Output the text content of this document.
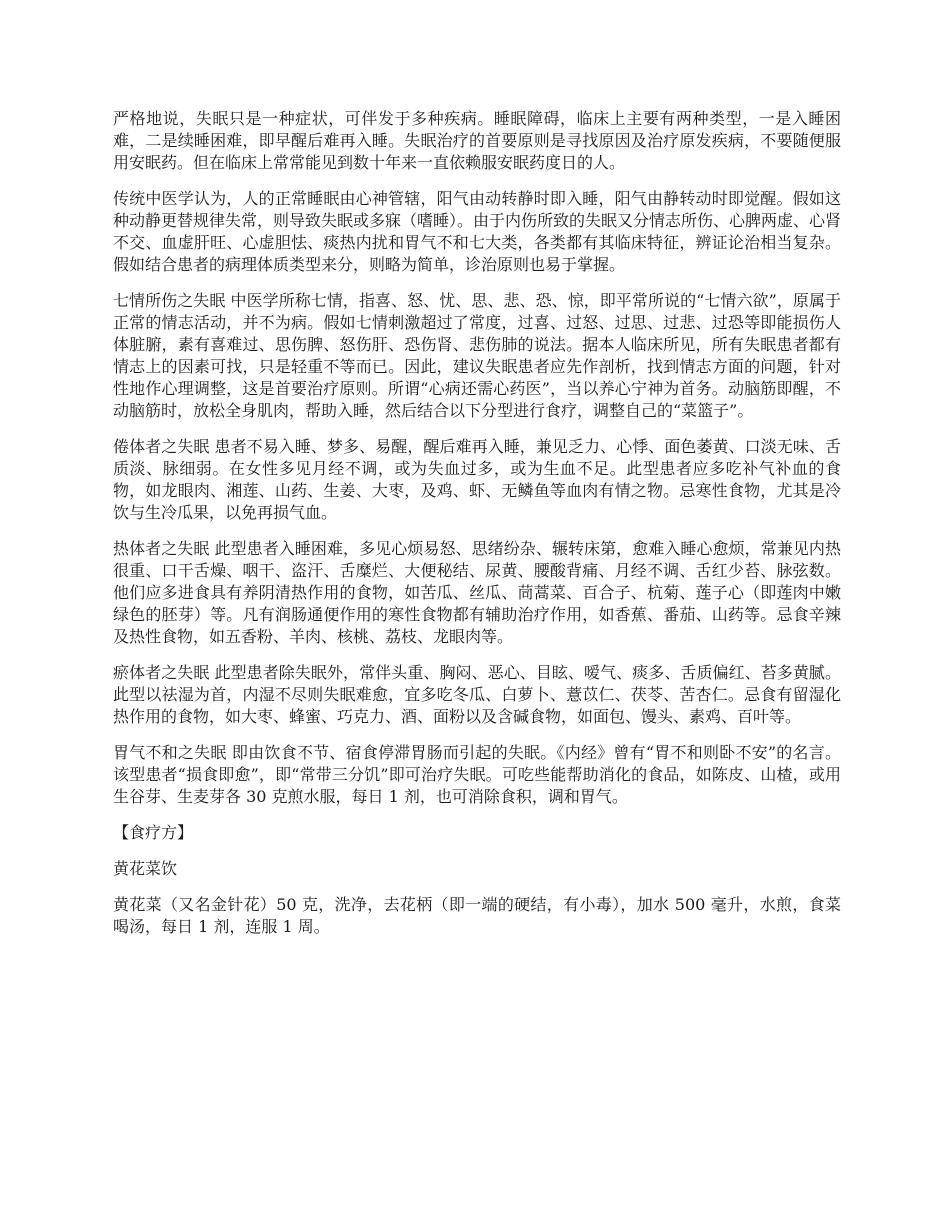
严格地说，失眠只是一种症状，可伴发于多种疾病。睡眠障碍，临床上主要有两种类型，一是入睡困难，二是续睡困难，即早醒后难再入睡。失眠治疗的首要原则是寻找原因及治疗原发疾病，不要随便服用安眠药。但在临床上常常能见到数十年来一直依赖服安眠药度日的人。

传统中医学认为，人的正常睡眠由心神管辖，阳气由动转静时即入睡，阳气由静转动时即觉醒。假如这种动静更替规律失常，则导致失眠或多寐（嗜睡）。由于内伤所致的失眠又分情志所伤、心脾两虚、心肾不交、血虚肝旺、心虚胆怯、痰热内扰和胃气不和七大类，各类都有其临床特征，辨证论治相当复杂。假如结合患者的病理体质类型来分，则略为简单，诊治原则也易于掌握。

七情所伤之失眠 中医学所称七情，指喜、怒、忧、思、悲、恐、惊，即平常所说的“七情六欲”，原属于正常的情志活动，并不为病。假如七情刺激超过了常度，过喜、过怒、过思、过悲、过恐等即能损伤人体脏腑，素有喜难过、思伤脾、怒伤肝、恐伤肾、悲伤肺的说法。据本人临床所见，所有失眠患者都有情志上的因素可找，只是轻重不等而已。因此，建议失眠患者应先作剖析，找到情志方面的问题，针对性地作心理调整，这是首要治疗原则。所谓“心病还需心药医”，当以养心宁神为首务。动脑筋即醒，不动脑筋时，放松全身肌肉，帮助入睡，然后结合以下分型进行食疗，调整自己的“菜篮子”。

倦体者之失眠 患者不易入睡、梦多、易醒，醒后难再入睡，兼见乏力、心悸、面色萎黄、口淡无味、舌质淡、脉细弱。在女性多见月经不调，或为失血过多，或为生血不足。此型患者应多吃补气补血的食物，如龙眼肉、湘莲、山药、生姜、大枣，及鸡、虾、无鳞鱼等血肉有情之物。忌寒性食物，尤其是冷饮与生冷瓜果，以免再损气血。

热体者之失眠 此型患者入睡困难，多见心烦易怒、思绪纷杂、辗转床第，愈难入睡心愈烦，常兼见内热很重、口干舌燥、咽干、盗汗、舌糜烂、大便秘结、尿黄、腰酸背痛、月经不调、舌红少苔、脉弦数。他们应多进食具有养阴清热作用的食物，如苦瓜、丝瓜、茼蒿菜、百合子、杭菊、莲子心（即莲肉中嫩绿色的胚芽）等。凡有润肠通便作用的寒性食物都有辅助治疗作用，如香蕉、番茄、山药等。忌食辛辣及热性食物，如五香粉、羊肉、核桃、荔枝、龙眼肉等。

瘀体者之失眠 此型患者除失眠外，常伴头重、胸闷、恶心、目眩、嗳气、痰多、舌质偏红、苔多黄腻。此型以祛湿为首，内湿不尽则失眠难愈，宜多吃冬瓜、白萝卜、薏苡仁、茯苓、苦杏仁。忌食有留湿化热作用的食物，如大枣、蜂蜜、巧克力、酒、面粉以及含碱食物，如面包、馒头、素鸡、百叶等。

胃气不和之失眠 即由饮食不节、宿食停滞胃肠而引起的失眠。《内经》曾有“胃不和则卧不安”的名言。该型患者“损食即愈”，即“常带三分饥”即可治疗失眠。可吃些能帮助消化的食品，如陈皮、山楂，或用生谷芽、生麦芽各 30 克煎水服，每日 1 剂，也可消除食积，调和胃气。

【食疗方】

黄花菜饮

黄花菜（又名金针花）50 克，洗净，去花柄（即一端的硬结，有小毒），加水 500 毫升，水煎，食菜喝汤，每日 1 剂，连服 1 周。
